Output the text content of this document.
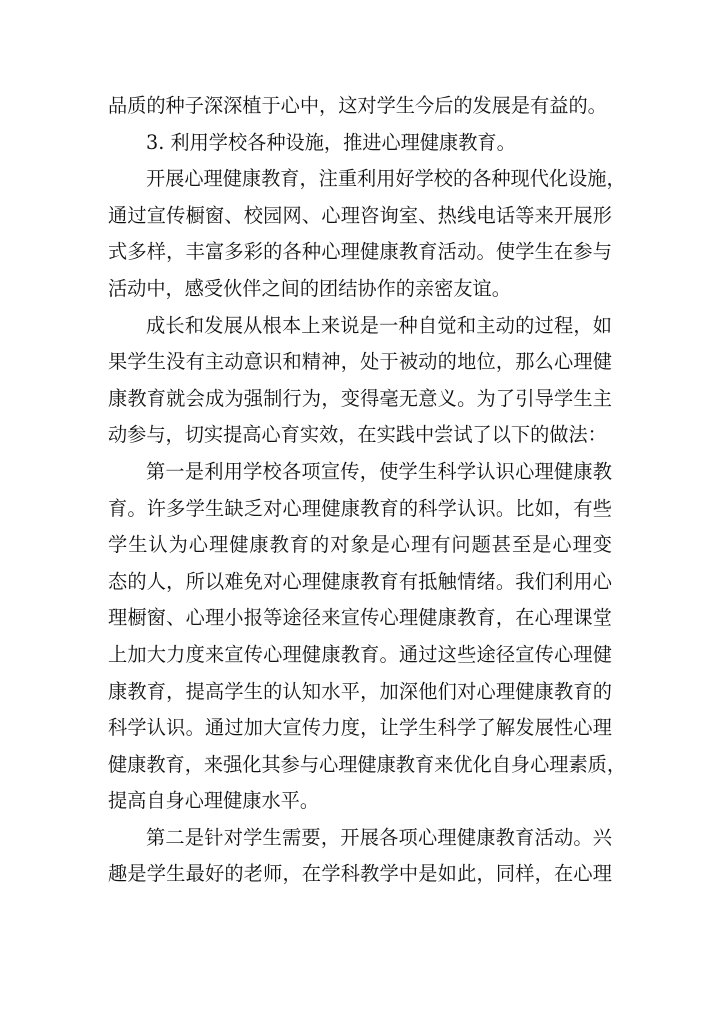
品质的种子深深植于心中，这对学生今后的发展是有益的。
3. 利用学校各种设施，推进心理健康教育。
开展心理健康教育，注重利用好学校的各种现代化设施，
通过宣传橱窗、校园网、心理咨询室、热线电话等来开展形
式多样，丰富多彩的各种心理健康教育活动。使学生在参与
活动中，感受伙伴之间的团结协作的亲密友谊。
成长和发展从根本上来说是一种自觉和主动的过程，如
果学生没有主动意识和精神，处于被动的地位，那么心理健
康教育就会成为强制行为，变得毫无意义。为了引导学生主
动参与，切实提高心育实效，在实践中尝试了以下的做法：
第一是利用学校各项宣传，使学生科学认识心理健康教
育。许多学生缺乏对心理健康教育的科学认识。比如，有些
学生认为心理健康教育的对象是心理有问题甚至是心理变
态的人，所以难免对心理健康教育有抵触情绪。我们利用心
理橱窗、心理小报等途径来宣传心理健康教育，在心理课堂
上加大力度来宣传心理健康教育。通过这些途径宣传心理健
康教育，提高学生的认知水平，加深他们对心理健康教育的
科学认识。通过加大宣传力度，让学生科学了解发展性心理
健康教育，来强化其参与心理健康教育来优化自身心理素质，
提高自身心理健康水平。
第二是针对学生需要，开展各项心理健康教育活动。兴
趣是学生最好的老师，在学科教学中是如此，同样，在心理
